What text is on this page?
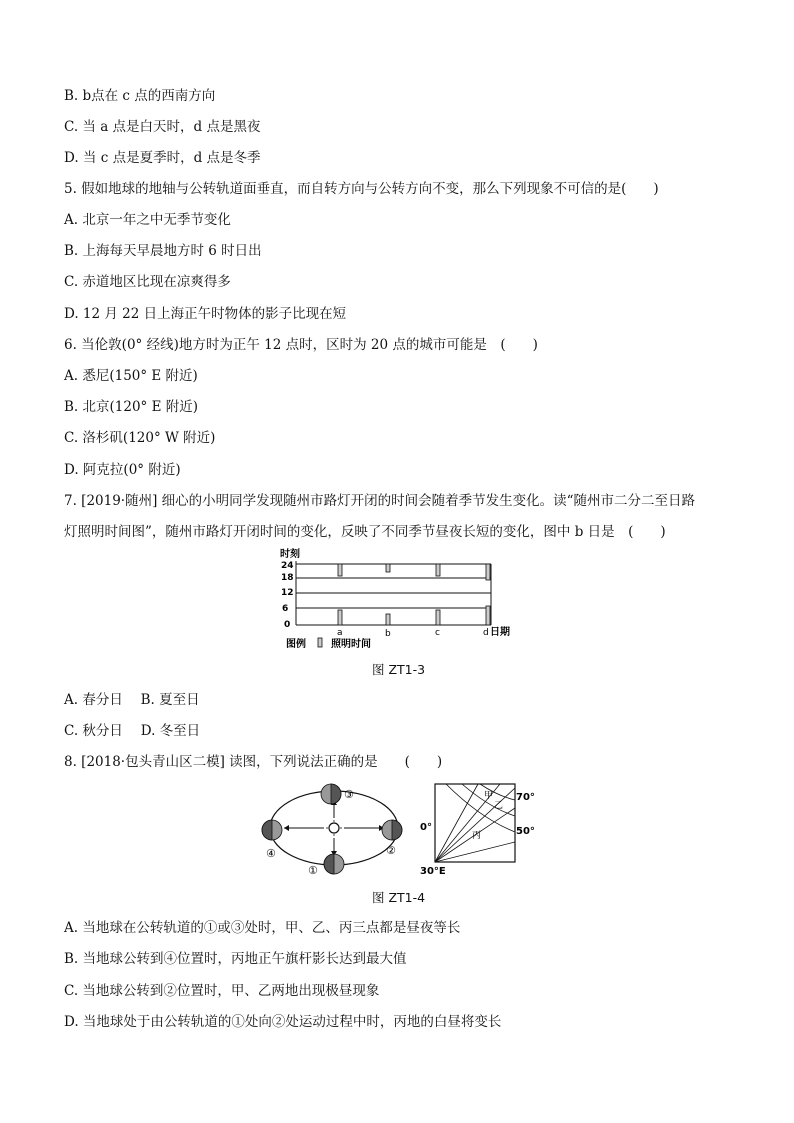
B. b点在 c 点的西南方向
C. 当 a 点是白天时，d 点是黑夜
D. 当 c 点是夏季时，d 点是冬季
5. 假如地球的地轴与公转轨道面垂直，而自转方向与公转方向不变，那么下列现象不可信的是(　　)
A. 北京一年之中无季节变化
B. 上海每天早晨地方时 6 时日出
C. 赤道地区比现在凉爽得多
D. 12 月 22 日上海正午时物体的影子比现在短
6. 当伦敦(0° 经线)地方时为正午 12 点时，区时为 20 点的城市可能是　(　　)
A. 悉尼(150° E 附近)
B. 北京(120° E 附近)
C. 洛杉矶(120° W 附近)
D. 阿克拉(0° 附近)
7. [2019·随州] 细心的小明同学发现随州市路灯开闭的时间会随着季节发生变化。读“随州市二分二至日路
灯照明时间图”，随州市路灯开闭时间的变化，反映了不同季节昼夜长短的变化，图中 b 日是　(　　)
时刻
24
18
12
6
0
a	b	c	d 日期
图例	照明时间
图 ZT1-3
A. 春分日　 B. 夏至日
C. 秋分日　 D. 冬至日
8. [2018·包头青山区二模] 读图，下列说法正确的是　　(　　)
③
②
①
④
甲
乙
丙
70°
50°
0°
30°E
图 ZT1-4
A. 当地球在公转轨道的①或③处时，甲、乙、丙三点都是昼夜等长
B. 当地球公转到④位置时，丙地正午旗杆影长达到最大值
C. 当地球公转到②位置时，甲、乙两地出现极昼现象
D. 当地球处于由公转轨道的①处向②处运动过程中时，丙地的白昼将变长
